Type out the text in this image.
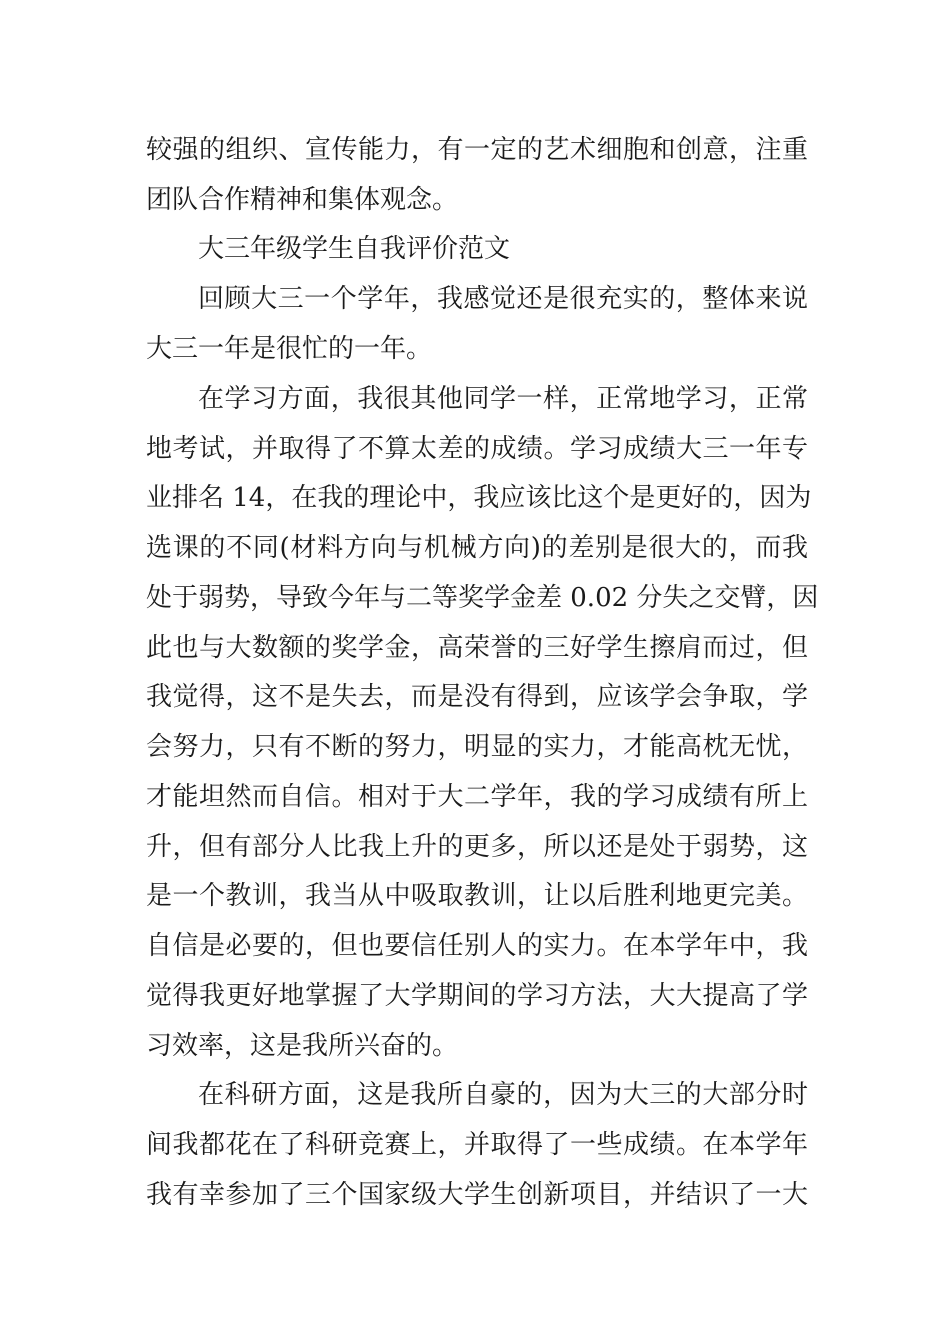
较强的组织、宣传能力，有一定的艺术细胞和创意，注重
团队合作精神和集体观念。
大三年级学生自我评价范文
回顾大三一个学年，我感觉还是很充实的，整体来说
大三一年是很忙的一年。
在学习方面，我很其他同学一样，正常地学习，正常
地考试，并取得了不算太差的成绩。学习成绩大三一年专
业排名 14，在我的理论中，我应该比这个是更好的，因为
选课的不同(材料方向与机械方向)的差别是很大的，而我
处于弱势，导致今年与二等奖学金差 0.02 分失之交臂，因
此也与大数额的奖学金，高荣誉的三好学生擦肩而过，但
我觉得，这不是失去，而是没有得到，应该学会争取，学
会努力，只有不断的努力，明显的实力，才能高枕无忧，
才能坦然而自信。相对于大二学年，我的学习成绩有所上
升，但有部分人比我上升的更多，所以还是处于弱势，这
是一个教训，我当从中吸取教训，让以后胜利地更完美。
自信是必要的，但也要信任别人的实力。在本学年中，我
觉得我更好地掌握了大学期间的学习方法，大大提高了学
习效率，这是我所兴奋的。
在科研方面，这是我所自豪的，因为大三的大部分时
间我都花在了科研竞赛上，并取得了一些成绩。在本学年
我有幸参加了三个国家级大学生创新项目，并结识了一大
